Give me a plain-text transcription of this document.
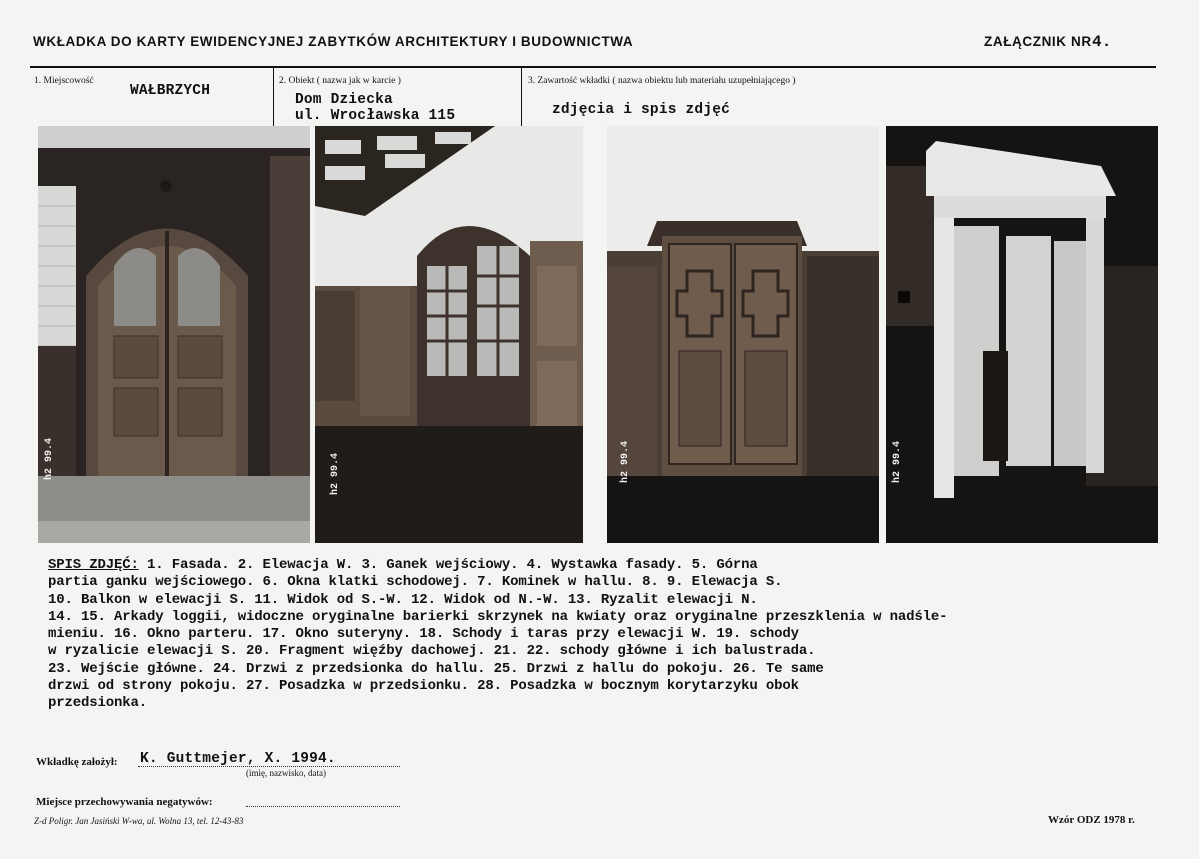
WKŁADKA DO KARTY EWIDENCYJNEJ ZABYTKÓW ARCHITEKTURY I BUDOWNICTWA	ZAŁĄCZNIK NR 4.
1. Miejscowość
WAŁBRZYCH
2. Obiekt ( nazwa jak w karcie )
Dom Dziecka
ul. Wrocławska 115
3. Zawartość wkładki ( nazwa obiektu lub materiału uzupełniającego )
zdjęcia i spis zdjęć
h2 99.4	h2 99.4	h2 99.4	h2 99.4
SPIS ZDJĘĆ: 1. Fasada. 2. Elewacja W. 3. Ganek wejściowy. 4. Wystawka fasady. 5. Górna
partia ganku wejściowego. 6. Okna klatki schodowej. 7. Kominek w hallu. 8. 9. Elewacja S.
10. Balkon w elewacji S. 11. Widok od S.-W. 12. Widok od N.-W. 13. Ryzalit elewacji N.
14. 15. Arkady loggii, widoczne oryginalne barierki skrzynek na kwiaty oraz oryginalne przeszklenia w nadśle-
mieniu. 16. Okno parteru. 17. Okno suteryny. 18. Schody i taras przy elewacji W. 19. schody
w ryzalicie elewacji S. 20. Fragment więźby dachowej. 21. 22. schody główne i ich balustrada.
23. Wejście główne. 24. Drzwi z przedsionka do hallu. 25. Drzwi z hallu do pokoju. 26. Te same
drzwi od strony pokoju. 27. Posadzka w przedsionku. 28. Posadzka w bocznym korytarzyku obok
przedsionka.
Wkładkę założył: K. Guttmejer, X. 1994.
(imię, nazwisko, data)
Miejsce przechowywania negatywów:
Z-d Poligr. Jan Jasiński W-wa, ul. Wolna 13, tel. 12-43-83	Wzór ODZ 1978 r.
